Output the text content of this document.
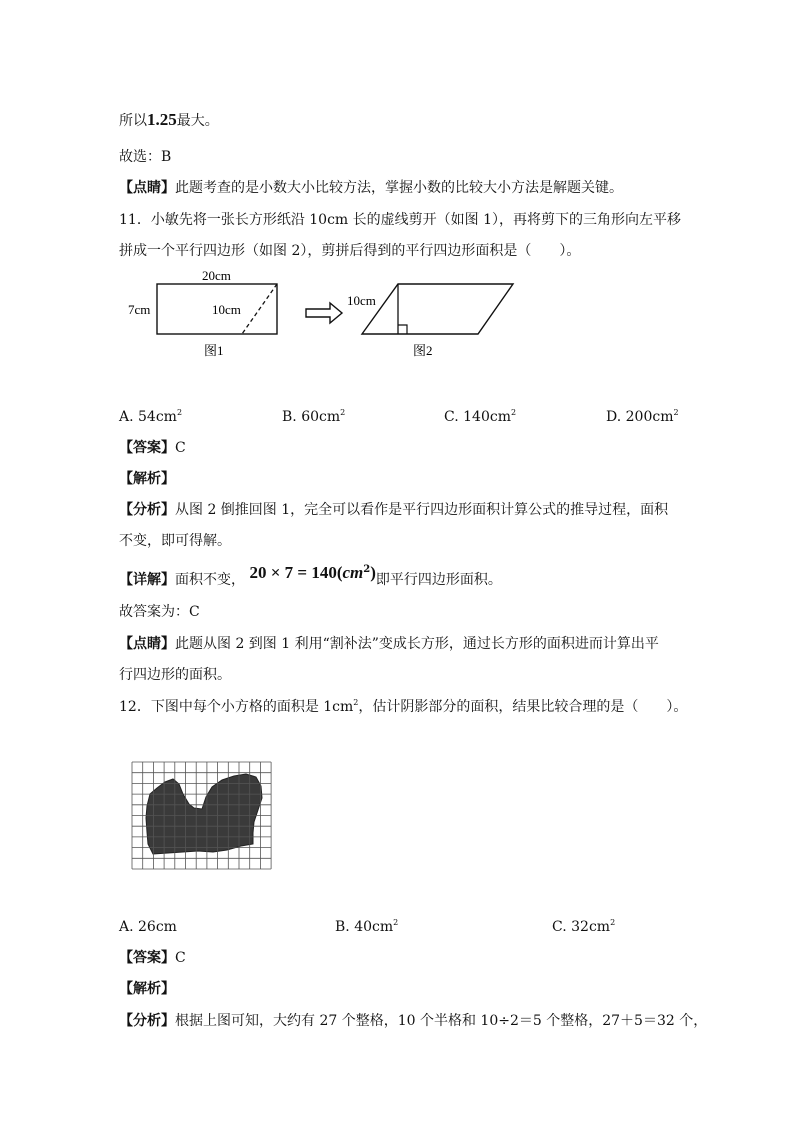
所以1.25最大。
故选：B
【点睛】此题考查的是小数大小比较方法，掌握小数的比较大小方法是解题关键。
11．小敏先将一张长方形纸沿 10cm 长的虚线剪开（如图 1），再将剪下的三角形向左平移
拼成一个平行四边形（如图 2），剪拼后得到的平行四边形面积是（　　）。
20cm
7cm	10cm
图1
10cm
图2
A. $54cm^2$	B. $60cm^2$	C. $140cm^2$	D. $200cm^2$
【答案】C
【解析】
【分析】从图 2 倒推回图 1，完全可以看作是平行四边形面积计算公式的推导过程，面积
不变，即可得解。
【详解】面积不变， $20 \times 7 = 140(cm^2)$即平行四边形面积。
故答案为：C
【点睛】此题从图 2 到图 1 利用“割补法”变成长方形，通过长方形的面积进而计算出平
行四边形的面积。
12．下图中每个小方格的面积是 $1cm^2$，估计阴影部分的面积，结果比较合理的是（　　）。
A. 26cm	B. $40cm^2$	C. $32cm^2$
【答案】C
【解析】
【分析】根据上图可知，大约有 27 个整格，10 个半格和 10÷2＝5 个整格，27＋5＝32 个，
